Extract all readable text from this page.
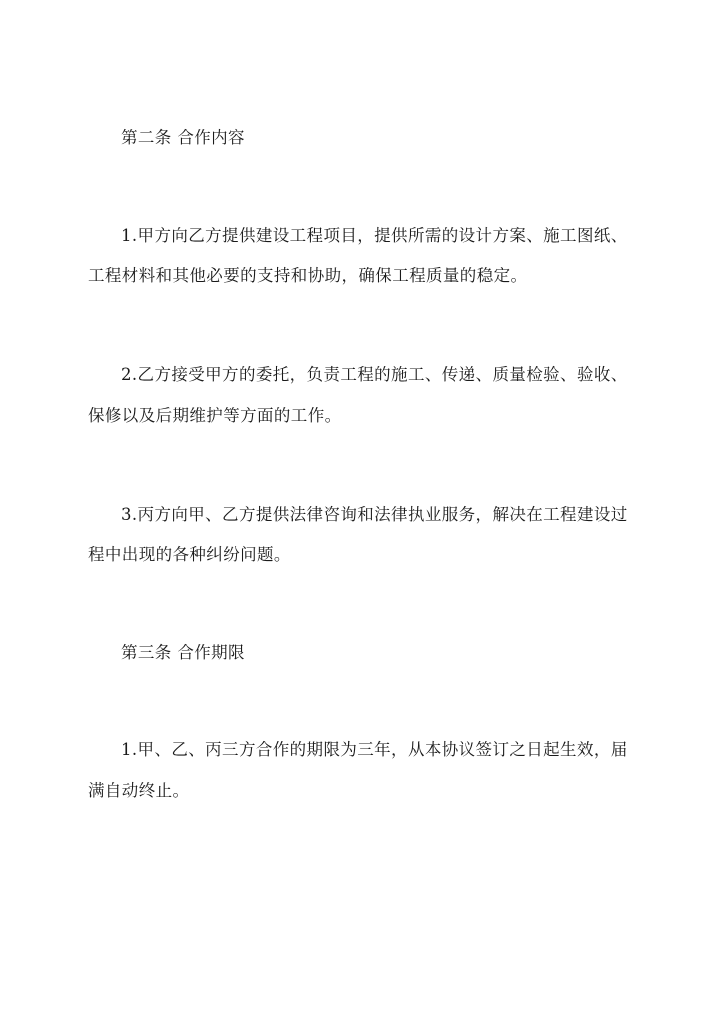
第二条 合作内容
1.甲方向乙方提供建设工程项目，提供所需的设计方案、施工图纸、
工程材料和其他必要的支持和协助，确保工程质量的稳定。
2.乙方接受甲方的委托，负责工程的施工、传递、质量检验、验收、
保修以及后期维护等方面的工作。
3.丙方向甲、乙方提供法律咨询和法律执业服务，解决在工程建设过
程中出现的各种纠纷问题。
第三条 合作期限
1.甲、乙、丙三方合作的期限为三年，从本协议签订之日起生效，届
满自动终止。
